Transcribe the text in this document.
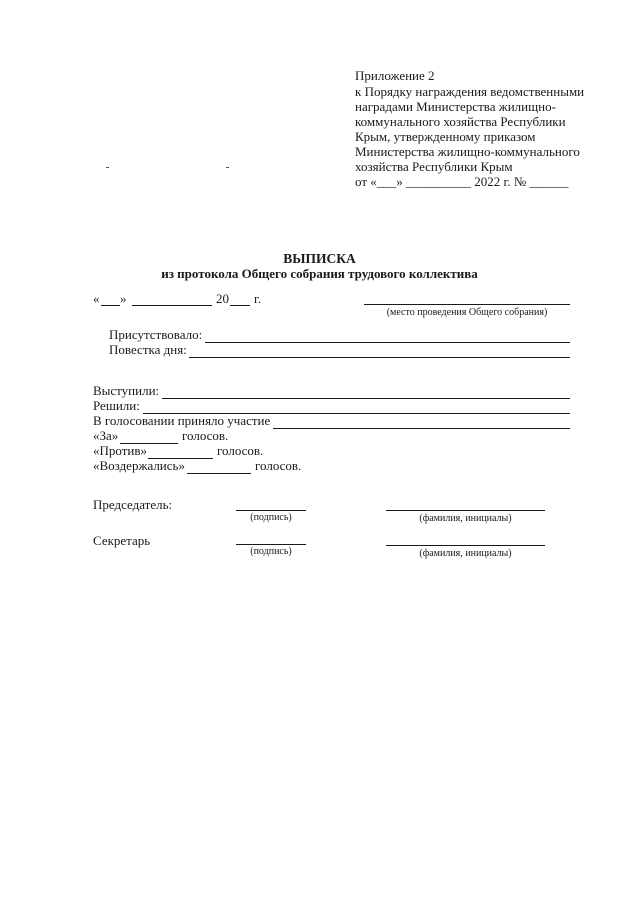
Приложение 2
к Порядку награждения ведомственными
наградами Министерства жилищно-
коммунального хозяйства Республики
Крым, утвержденному приказом
Министерства жилищно-коммунального
хозяйства Республики Крым
от «___» __________ 2022 г. № ______
ВЫПИСКА
из протокола Общего собрания трудового коллектива
« »	20 г.
(место проведения Общего собрания)
Присутствовало:
Повестка дня:
Выступили:
Решили:
В голосовании приняло участие
«За»	голосов.
«Против»	голосов.
«Воздержались»	голосов.
Председатель:
(подпись)	(фамилия, инициалы)
Секретарь
(подпись)	(фамилия, инициалы)
